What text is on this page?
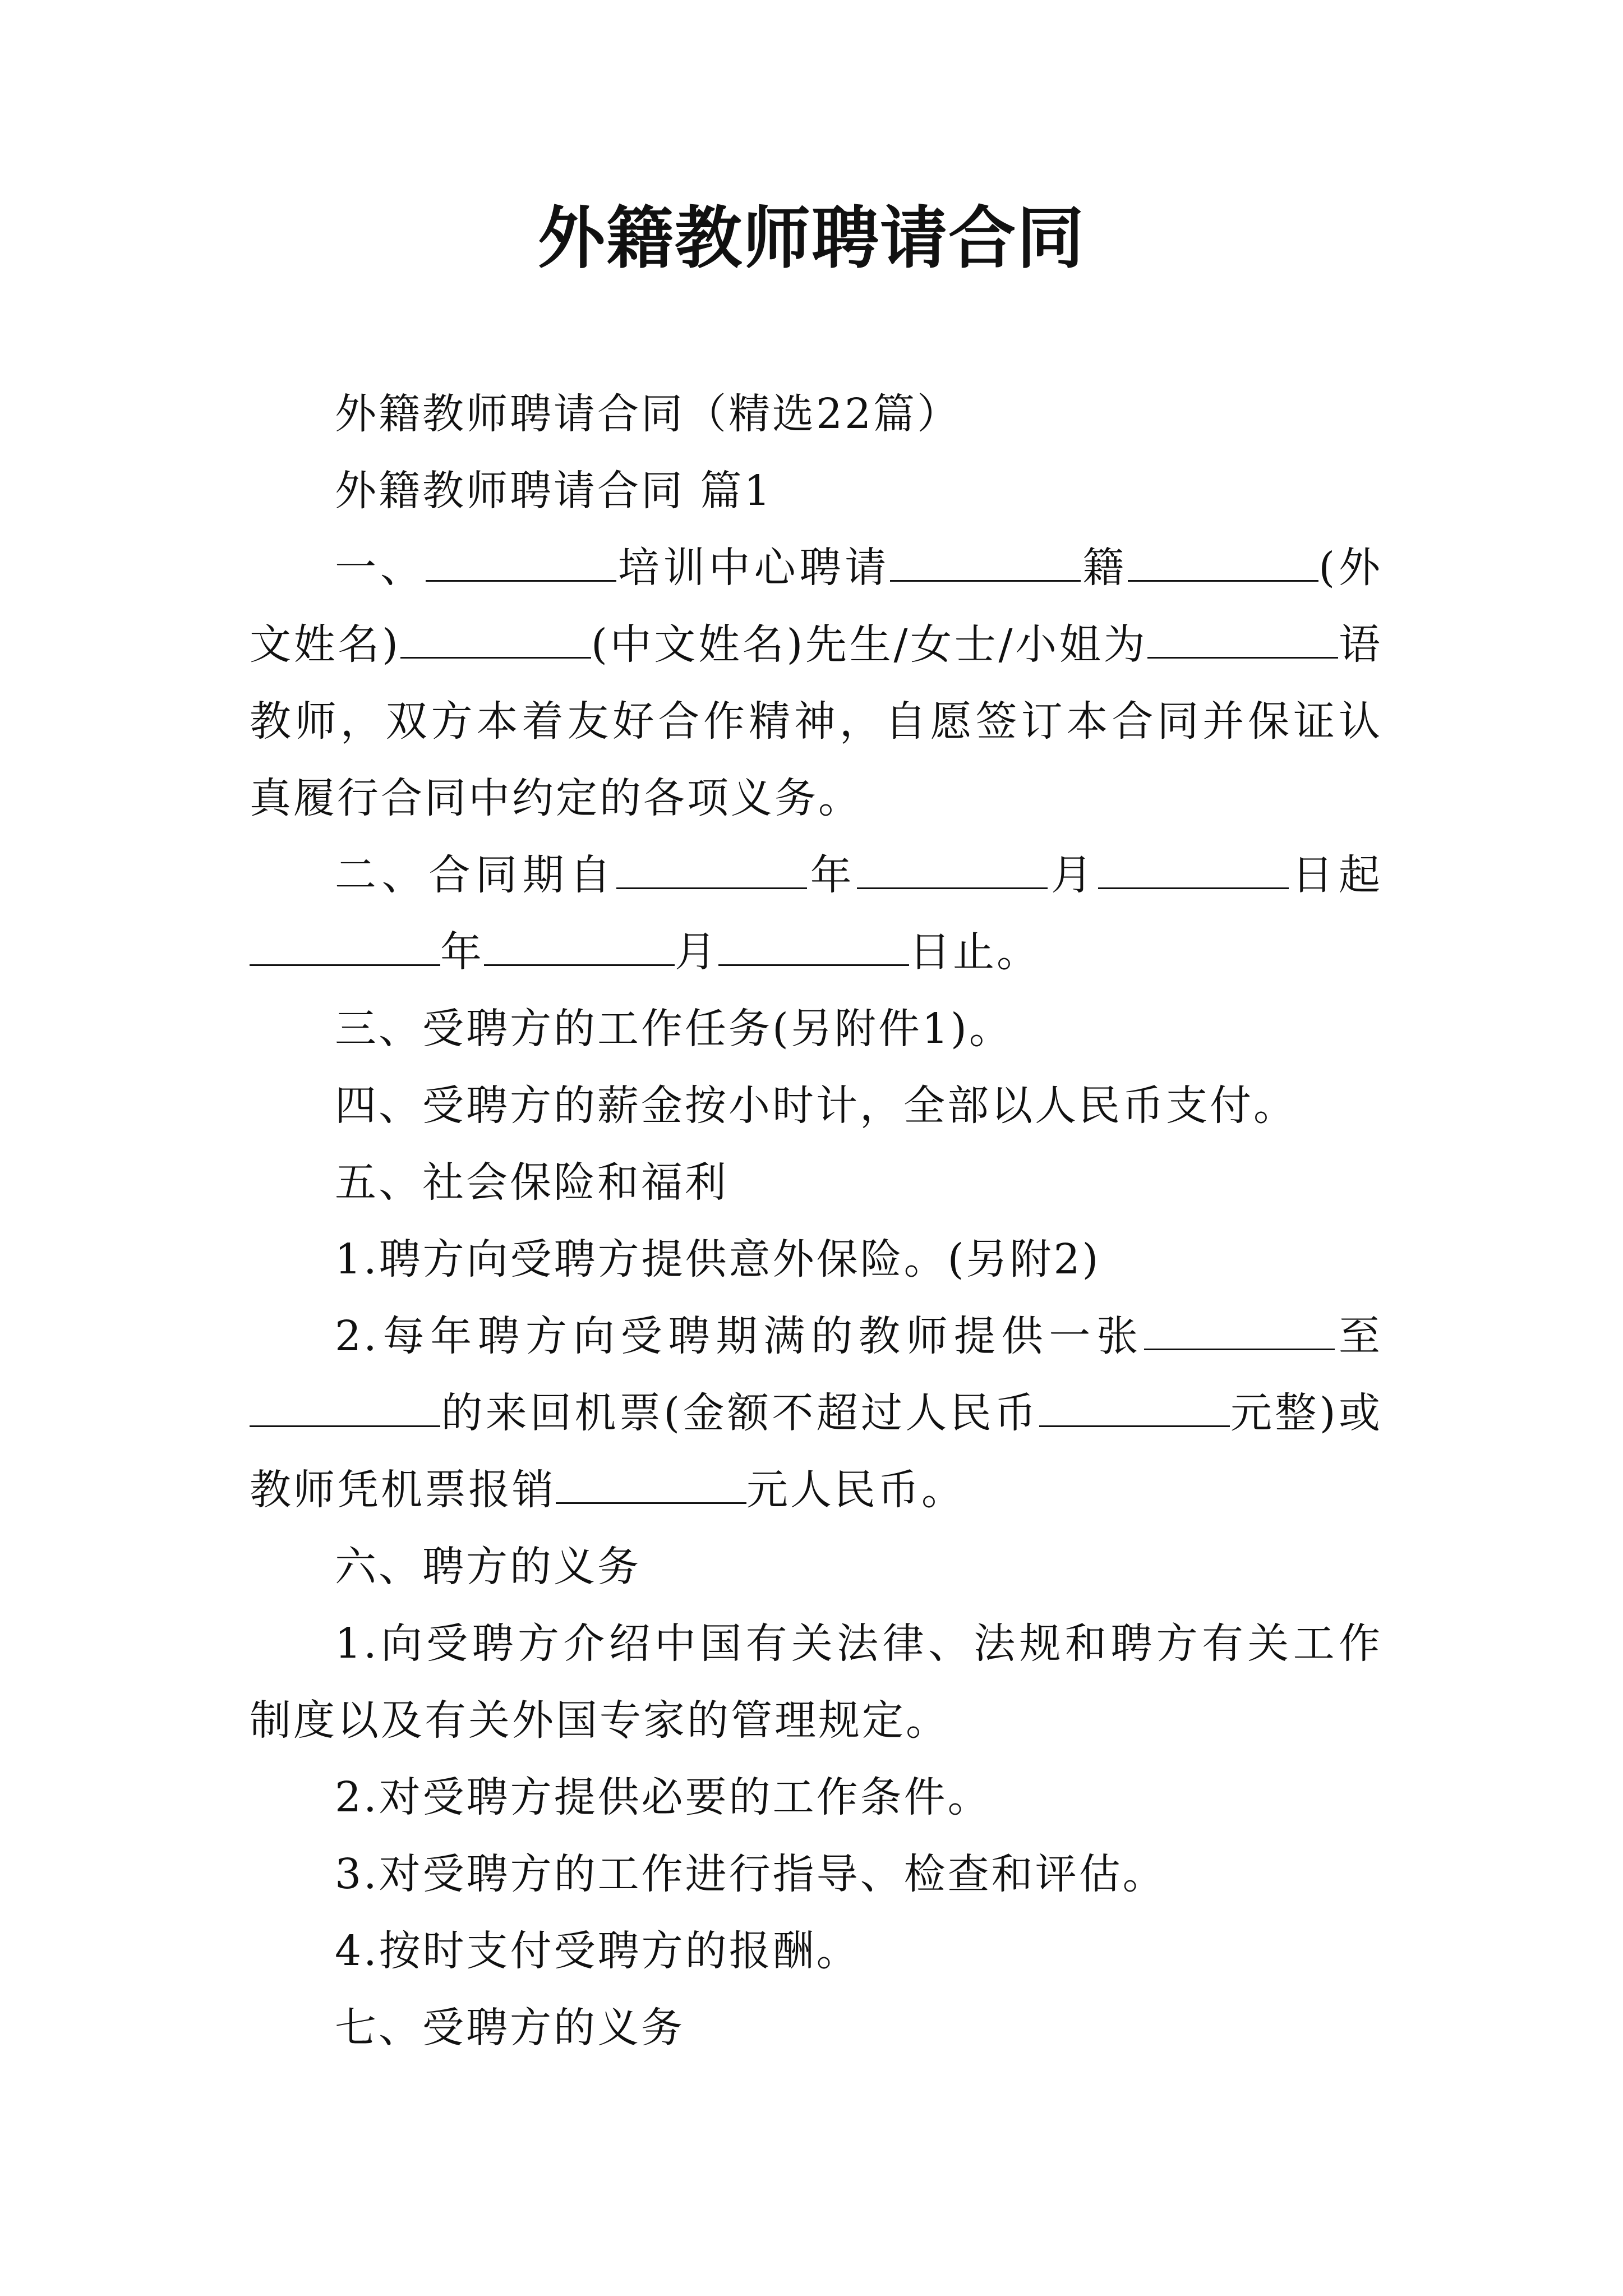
外籍教师聘请合同

外籍教师聘请合同（精选22篇）

外籍教师聘请合同 篇1

一、	培训中心聘请	籍	(外文姓名)	(中文姓名)先生/女士/小姐为	语教师，双方本着友好合作精神，自愿签订本合同并保证认真履行合同中约定的各项义务。

二、合同期自	年	月	日起年	月	日止。

三、受聘方的工作任务(另附件1)。

四、受聘方的薪金按小时计，全部以人民币支付。

五、社会保险和福利

1.聘方向受聘方提供意外保险。(另附2)

2.每年聘方向受聘期满的教师提供一张	至的来回机票(金额不超过人民币	元整)或教师凭机票报销	元人民币。

六、聘方的义务

1.向受聘方介绍中国有关法律、法规和聘方有关工作制度以及有关外国专家的管理规定。

2.对受聘方提供必要的工作条件。

3.对受聘方的工作进行指导、检查和评估。

4.按时支付受聘方的报酬。

七、受聘方的义务
